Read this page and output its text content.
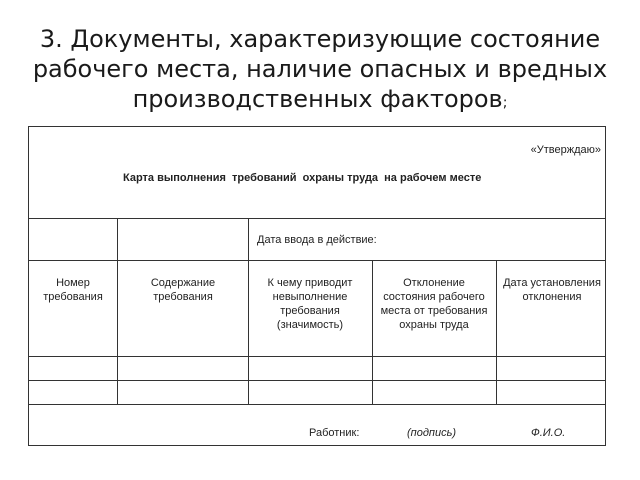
3. Документы, характеризующие состояние
рабочего места, наличие опасных и вредных
производственных факторов;
«Утверждаю»
Карта выполнения  требований  охраны труда  на рабочем месте
Дата ввода в действие:
Номер требования
Содержание требования
К чему приводит невыполнение требования (значимость)
Отклонение состояния рабочего места от требования охраны труда
Дата установления отклонения
Работник:	(подпись)	Ф.И.О.
